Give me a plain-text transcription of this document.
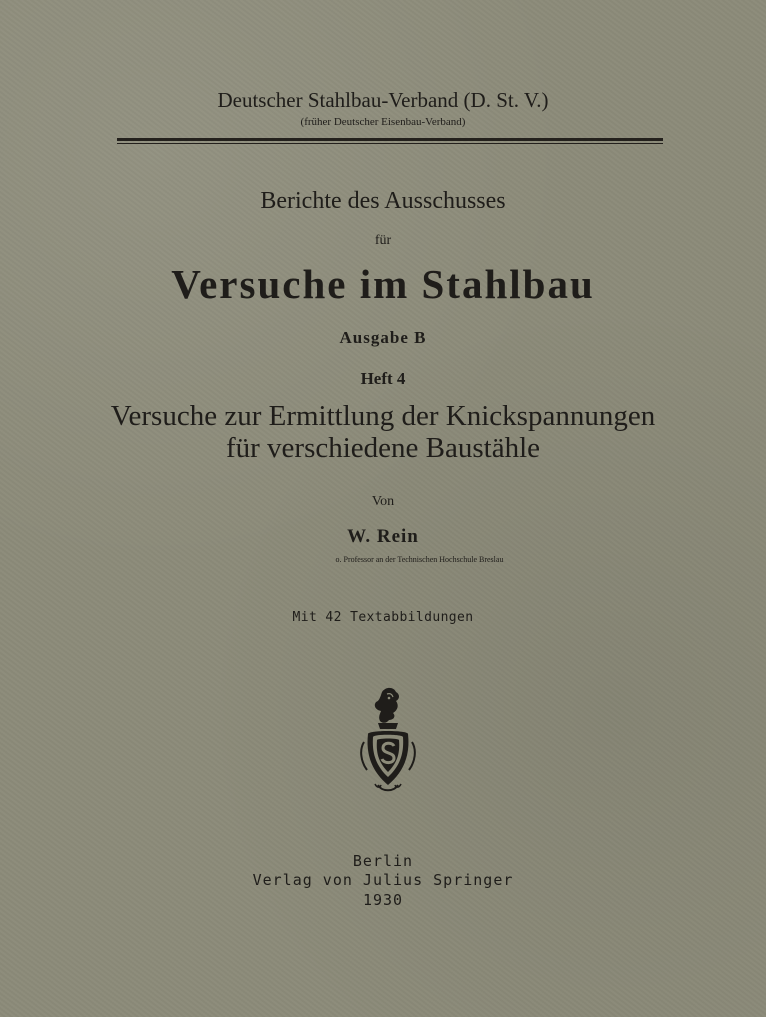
Deutscher Stahlbau-Verband (D. St. V.)
(früher Deutscher Eisenbau-Verband)
Berichte des Ausschusses
für
Versuche im Stahlbau
Ausgabe B
Heft 4
Versuche zur Ermittlung der Knickspannungen
für verschiedene Baustähle
Von
W. Rein
o. Professor an der Technischen Hochschule Breslau
Mit 42 Textabbildungen
Berlin
Verlag von Julius Springer
1930
